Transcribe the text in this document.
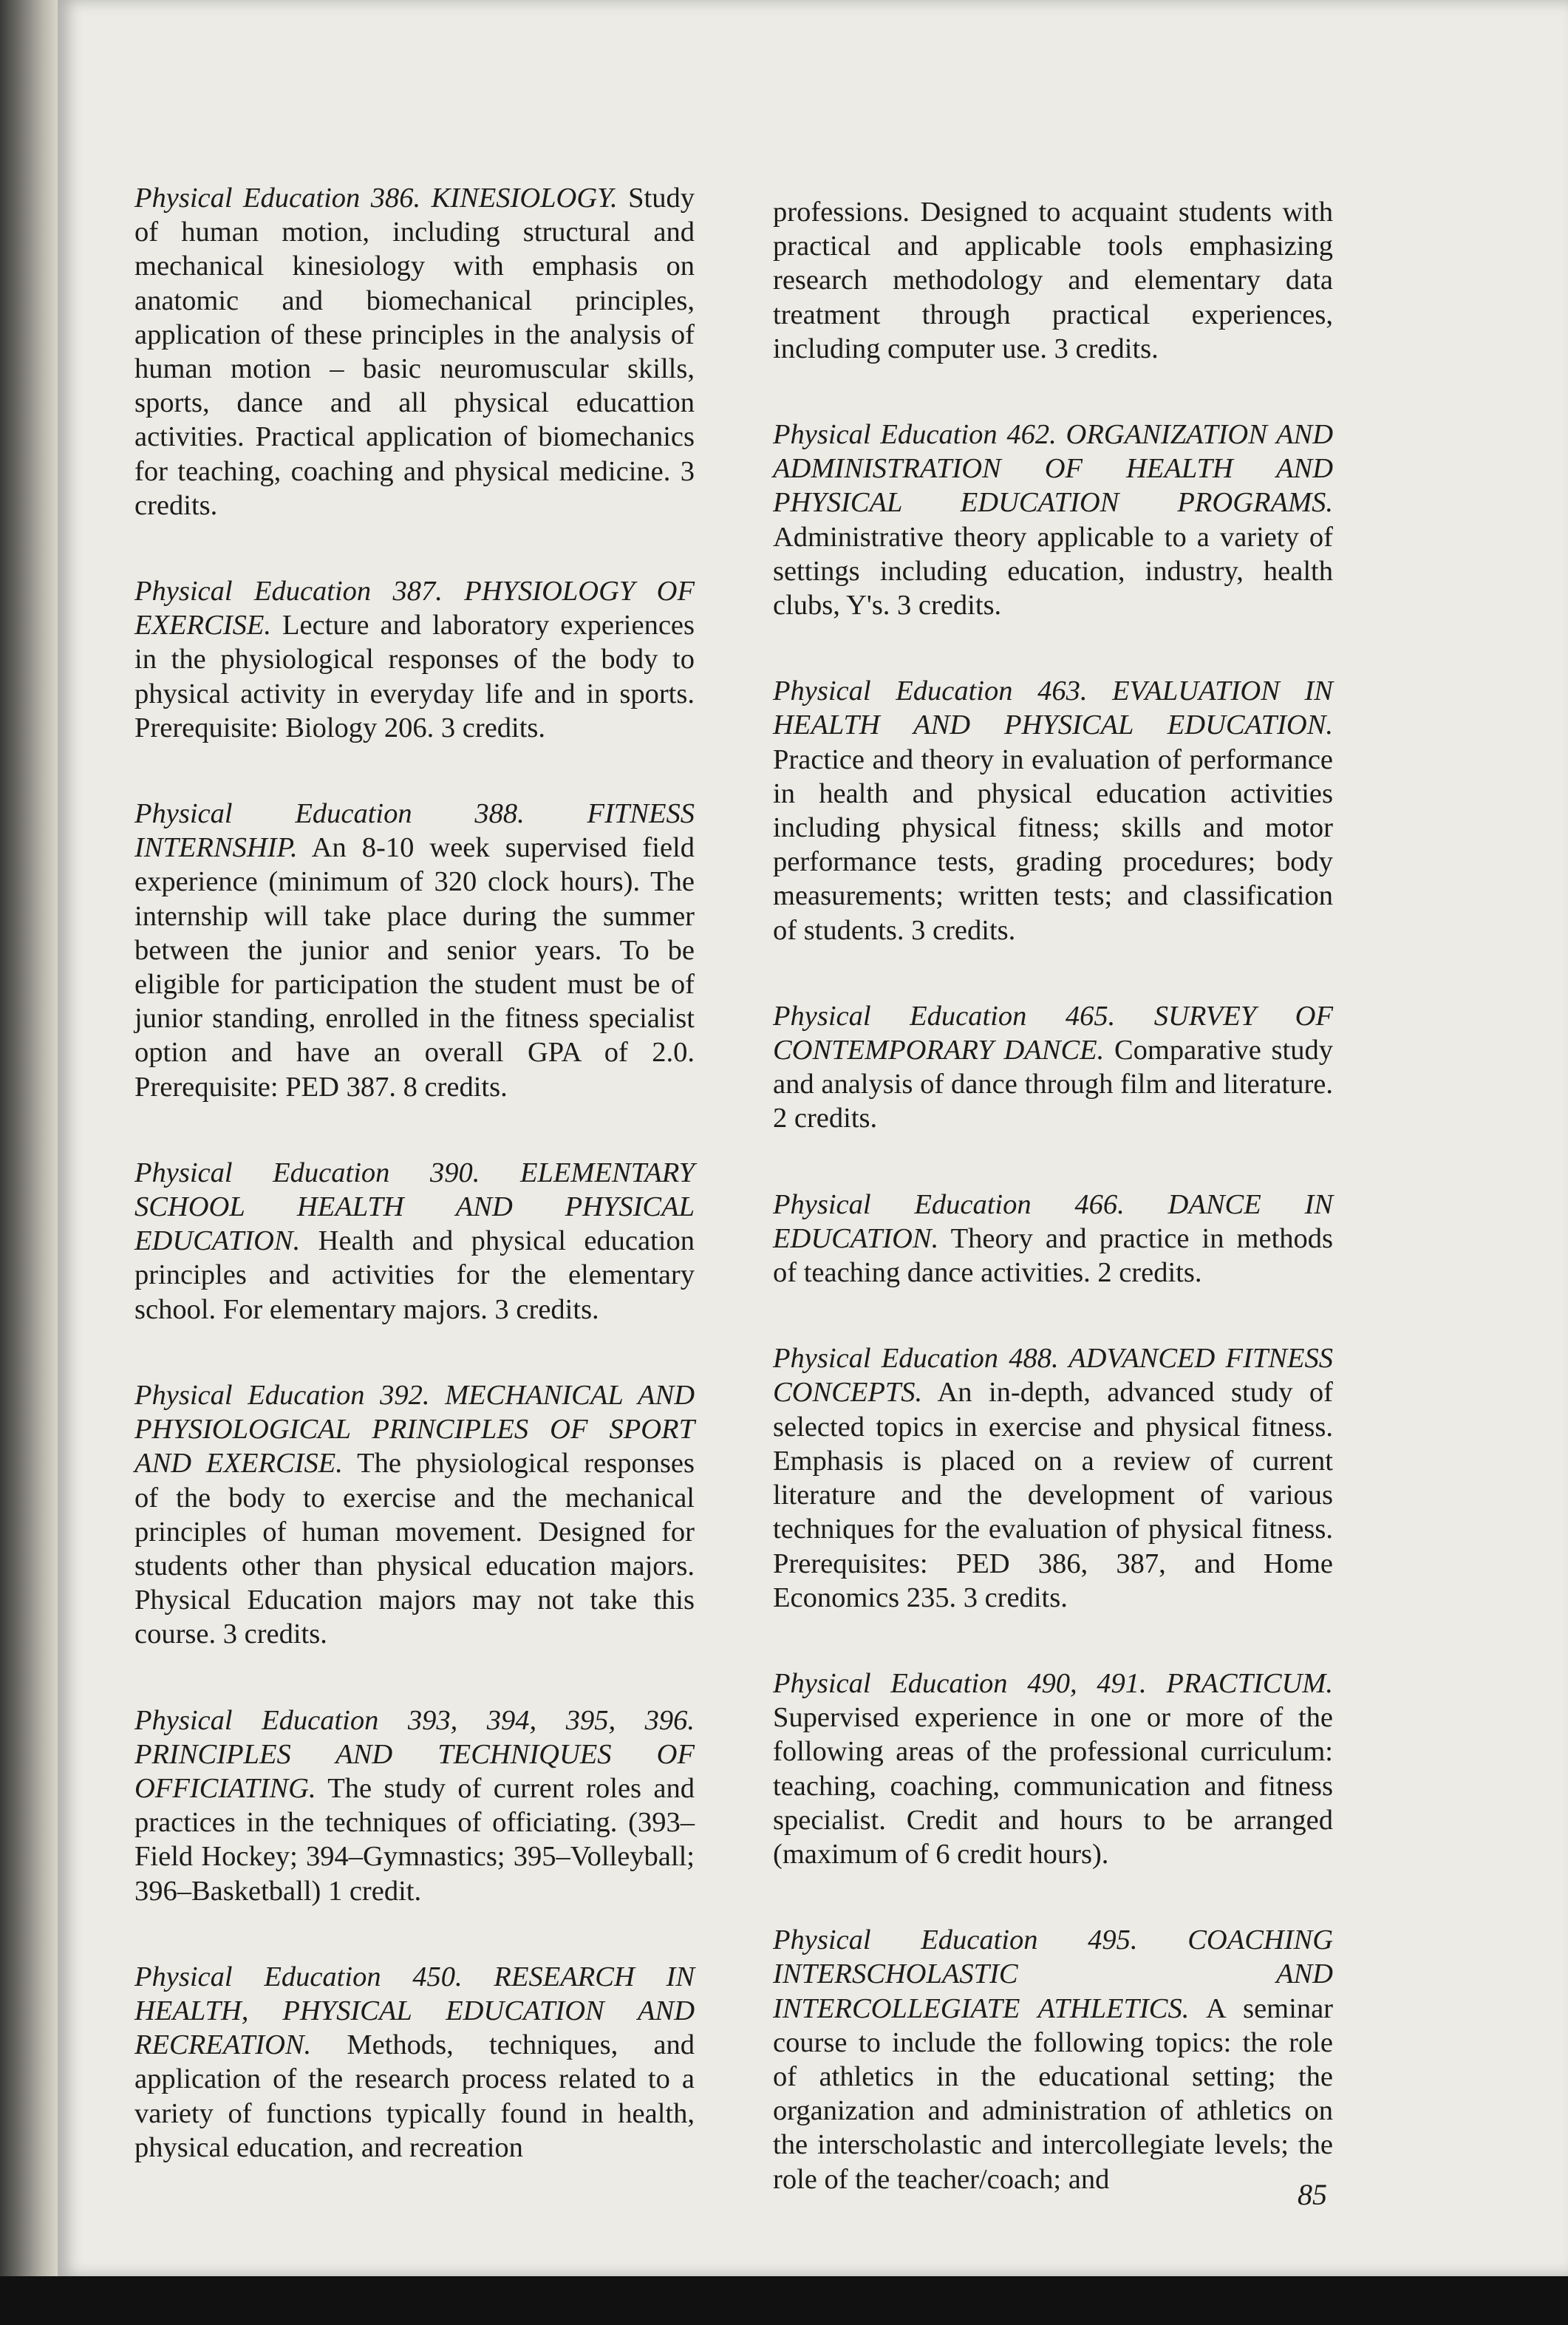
Physical Education 386. KINESIOLOGY. Study of human motion, including structural and mechanical kinesiology with emphasis on anatomic and biomechanical principles, application of these principles in the analysis of human motion – basic neuromuscular skills, sports, dance and all physical educattion activities. Practical application of biomechanics for teaching, coaching and physical medicine. 3 credits.

Physical Education 387. PHYSIOLOGY OF EXERCISE. Lecture and laboratory experiences in the physiological responses of the body to physical activity in everyday life and in sports. Prerequisite: Biology 206. 3 credits.

Physical Education 388. FITNESS INTERNSHIP. An 8-10 week supervised field experience (minimum of 320 clock hours). The internship will take place during the summer between the junior and senior years. To be eligible for participation the student must be of junior standing, enrolled in the fitness specialist option and have an overall GPA of 2.0. Prerequisite: PED 387. 8 credits.

Physical Education 390. ELEMENTARY SCHOOL HEALTH AND PHYSICAL EDUCATION. Health and physical education principles and activities for the elementary school. For elementary majors. 3 credits.

Physical Education 392. MECHANICAL AND PHYSIOLOGICAL PRINCIPLES OF SPORT AND EXERCISE. The physiological responses of the body to exercise and the mechanical principles of human movement. Designed for students other than physical education majors. Physical Education majors may not take this course. 3 credits.

Physical Education 393, 394, 395, 396. PRINCIPLES AND TECHNIQUES OF OFFICIATING. The study of current roles and practices in the techniques of officiating. (393–Field Hockey; 394–Gymnastics; 395–Volleyball; 396–Basketball) 1 credit.

Physical Education 450. RESEARCH IN HEALTH, PHYSICAL EDUCATION AND RECREATION. Methods, techniques, and application of the research process related to a variety of functions typically found in health, physical education, and recreation

professions. Designed to acquaint students with practical and applicable tools emphasizing research methodology and elementary data treatment through practical experiences, including computer use. 3 credits.

Physical Education 462. ORGANIZATION AND ADMINISTRATION OF HEALTH AND PHYSICAL EDUCATION PROGRAMS. Administrative theory applicable to a variety of settings including education, industry, health clubs, Y's. 3 credits.

Physical Education 463. EVALUATION IN HEALTH AND PHYSICAL EDUCATION. Practice and theory in evaluation of performance in health and physical education activities including physical fitness; skills and motor performance tests, grading procedures; body measurements; written tests; and classification of students. 3 credits.

Physical Education 465. SURVEY OF CONTEMPORARY DANCE. Comparative study and analysis of dance through film and literature. 2 credits.

Physical Education 466. DANCE IN EDUCATION. Theory and practice in methods of teaching dance activities. 2 credits.

Physical Education 488. ADVANCED FITNESS CONCEPTS. An in-depth, advanced study of selected topics in exercise and physical fitness. Emphasis is placed on a review of current literature and the development of various techniques for the evaluation of physical fitness. Prerequisites: PED 386, 387, and Home Economics 235. 3 credits.

Physical Education 490, 491. PRACTICUM. Supervised experience in one or more of the following areas of the professional curriculum: teaching, coaching, communication and fitness specialist. Credit and hours to be arranged (maximum of 6 credit hours).

Physical Education 495. COACHING INTERSCHOLASTIC AND INTERCOLLEGIATE ATHLETICS. A seminar course to include the following topics: the role of athletics in the educational setting; the organization and administration of athletics on the interscholastic and intercollegiate levels; the role of the teacher/coach; and	85
